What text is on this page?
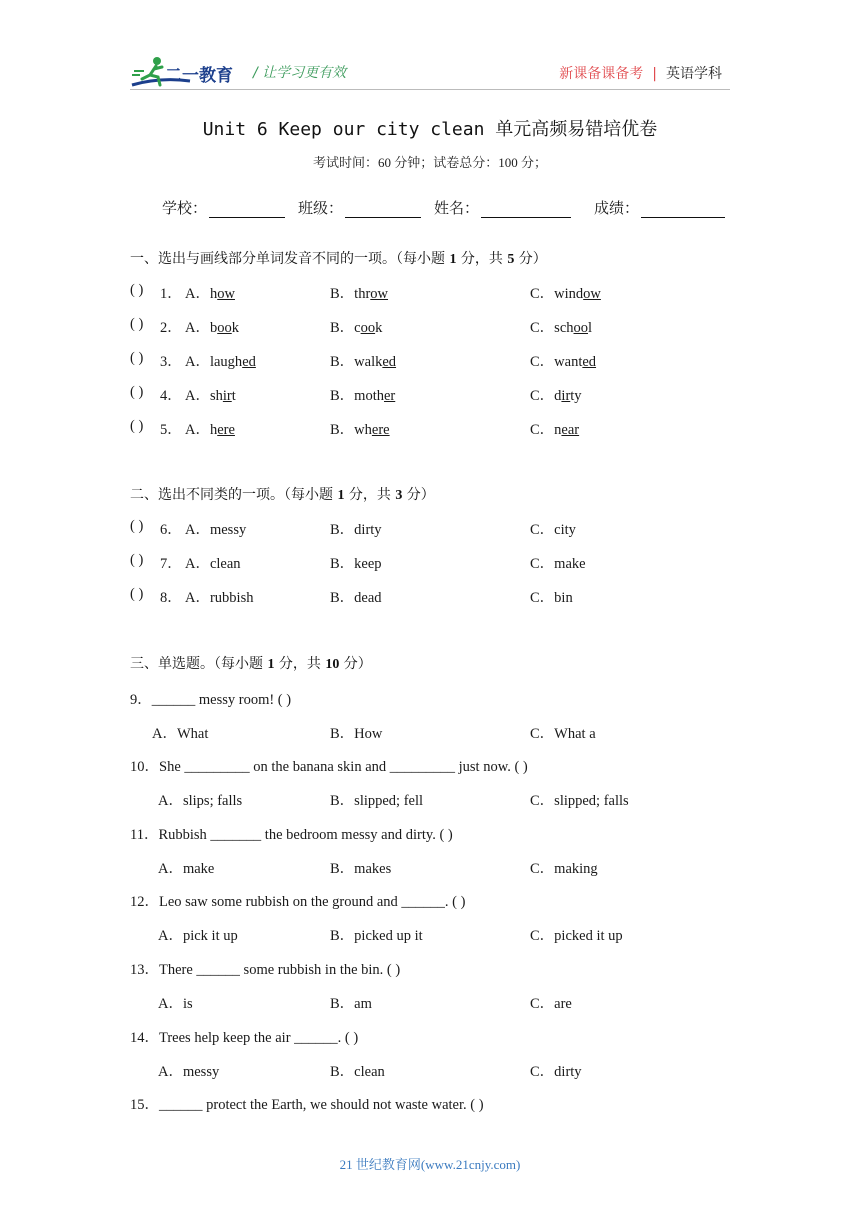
二一教育 / 让学习更有效	新课备课备考 | 英语学科
Unit 6 Keep our city clean 单元高频易错培优卷
考试时间：60 分钟；试卷总分：100 分；
学校：	班级：	姓名：	成绩：
一、选出与画线部分单词发音不同的一项。（每小题 1 分，共 5 分）
( ) 1． A．how	B．throw	C．window
( ) 2． A．book	B．cook	C．school
( ) 3． A．laughed	B．walked	C．wanted
( ) 4． A．shirt	B．mother	C．dirty
( ) 5． A．here	B．where	C．near
二、选出不同类的一项。（每小题 1 分，共 3 分）
( ) 6． A．messy	B．dirty	C．city
( ) 7． A．clean	B．keep	C．make
( ) 8． A．rubbish	B．dead	C．bin
三、单选题。（每小题 1 分，共 10 分）
9．______ messy room! ( )
A．What	B．How	C．What a
10．She _________ on the banana skin and _________ just now. ( )
A．slips; falls	B．slipped; fell	C．slipped; falls
11．Rubbish _______ the bedroom messy and dirty. ( )
A．make	B．makes	C．making
12．Leo saw some rubbish on the ground and ______. ( )
A．pick it up	B．picked up it	C．picked it up
13．There ______ some rubbish in the bin. ( )
A．is	B．am	C．are
14．Trees help keep the air ______. ( )
A．messy	B．clean	C．dirty
15．______ protect the Earth, we should not waste water. ( )
21 世纪教育网(www.21cnjy.com)
